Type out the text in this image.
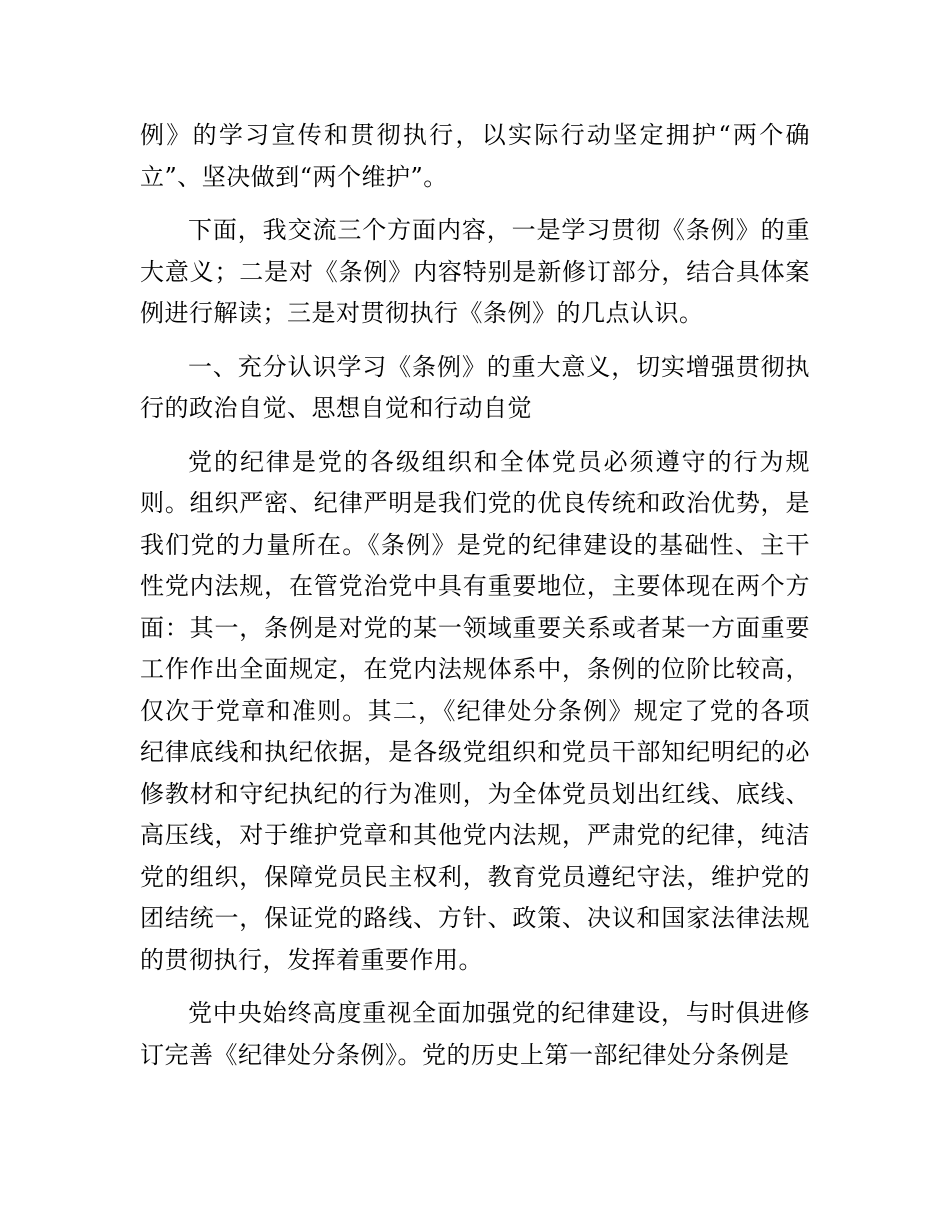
例》的学习宣传和贯彻执行，以实际行动坚定拥护“两个确立”、坚决做到“两个维护”。

下面，我交流三个方面内容，一是学习贯彻《条例》的重大意义；二是对《条例》内容特别是新修订部分，结合具体案例进行解读；三是对贯彻执行《条例》的几点认识。

一、充分认识学习《条例》的重大意义，切实增强贯彻执行的政治自觉、思想自觉和行动自觉

党的纪律是党的各级组织和全体党员必须遵守的行为规则。组织严密、纪律严明是我们党的优良传统和政治优势，是我们党的力量所在。《条例》是党的纪律建设的基础性、主干性党内法规，在管党治党中具有重要地位，主要体现在两个方面：其一，条例是对党的某一领域重要关系或者某一方面重要工作作出全面规定，在党内法规体系中，条例的位阶比较高，仅次于党章和准则。其二，《纪律处分条例》规定了党的各项纪律底线和执纪依据，是各级党组织和党员干部知纪明纪的必修教材和守纪执纪的行为准则，为全体党员划出红线、底线、高压线，对于维护党章和其他党内法规，严肃党的纪律，纯洁党的组织，保障党员民主权利，教育党员遵纪守法，维护党的团结统一，保证党的路线、方针、政策、决议和国家法律法规的贯彻执行，发挥着重要作用。

党中央始终高度重视全面加强党的纪律建设，与时俱进修订完善《纪律处分条例》。党的历史上第一部纪律处分条例是
